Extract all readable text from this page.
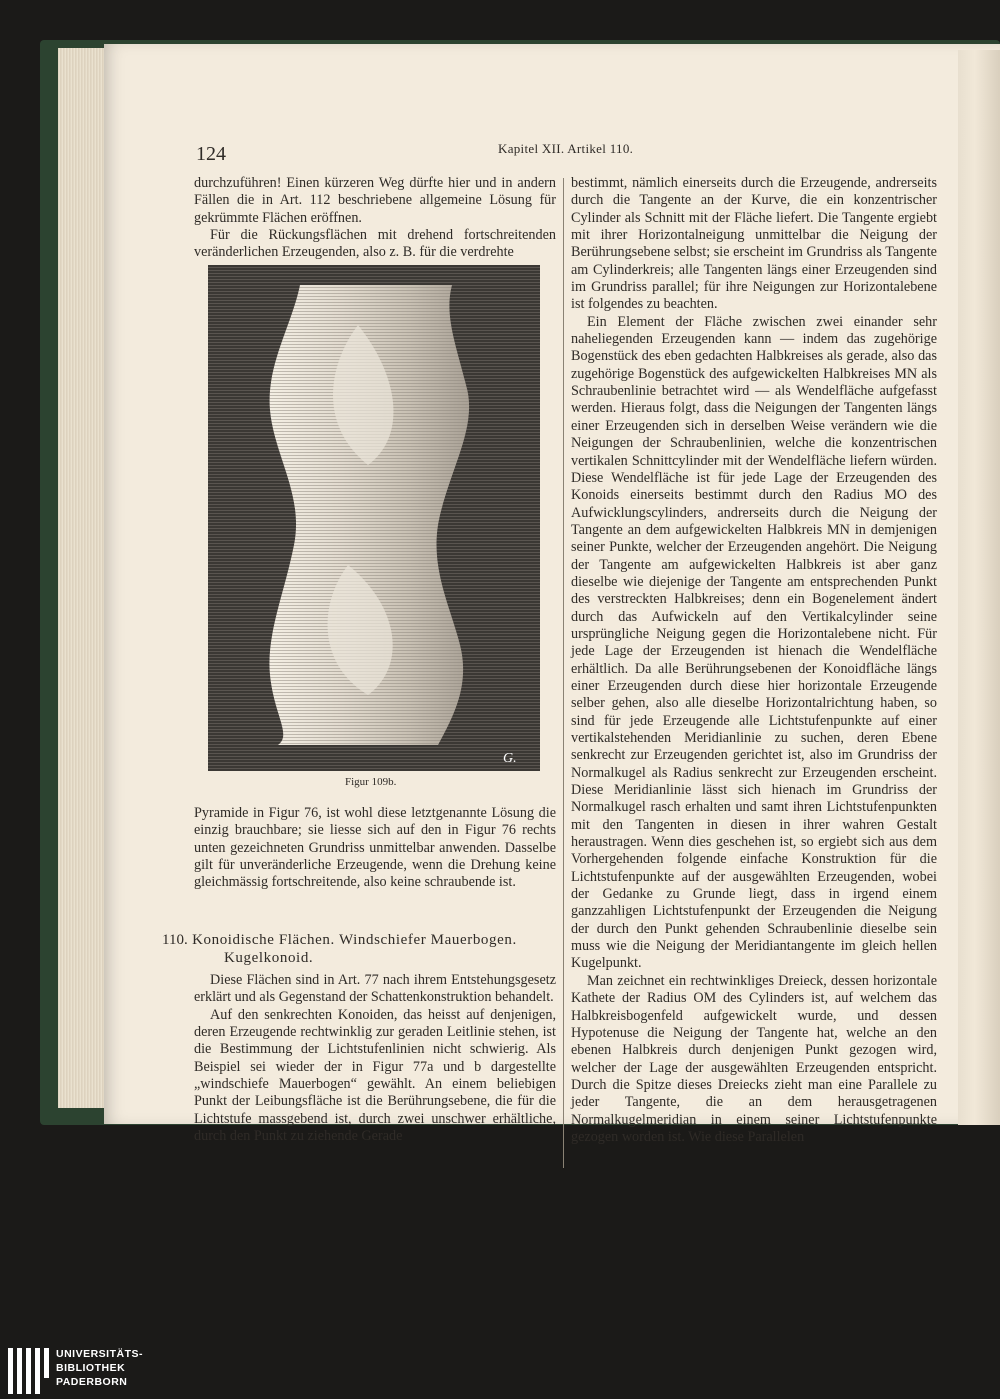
124	Kapitel XII. Artikel 110.

durchzuführen! Einen kürzeren Weg dürfte hier und in andern Fällen die in Art. 112 beschriebene allgemeine Lösung für gekrümmte Flächen eröffnen.

Für die Rückungsflächen mit drehend fortschreitenden veränderlichen Erzeugenden, also z. B. für die verdrehte

G.
Figur 109b.

Pyramide in Figur 76, ist wohl diese letztgenannte Lösung die einzig brauchbare; sie liesse sich auf den in Figur 76 rechts unten gezeichneten Grundriss unmittelbar anwenden. Dasselbe gilt für unveränderliche Erzeugende, wenn die Drehung keine gleichmässig fortschreitende, also keine schraubende ist.

110. Konoidische Flächen. Windschiefer Mauerbogen.
Kugelkonoid.

Diese Flächen sind in Art. 77 nach ihrem Entstehungsgesetz erklärt und als Gegenstand der Schattenkonstruktion behandelt.

Auf den senkrechten Konoiden, das heisst auf denjenigen, deren Erzeugende rechtwinklig zur geraden Leitlinie stehen, ist die Bestimmung der Lichtstufenlinien nicht schwierig. Als Beispiel sei wieder der in Figur 77a und b dargestellte „windschiefe Mauerbogen“ gewählt. An einem beliebigen Punkt der Leibungsfläche ist die Berührungsebene, die für die Lichtstufe massgebend ist, durch zwei unschwer erhältliche, durch den Punkt zu ziehende Gerade

bestimmt, nämlich einerseits durch die Erzeugende, andrerseits durch die Tangente an der Kurve, die ein konzentrischer Cylinder als Schnitt mit der Fläche liefert. Die Tangente ergiebt mit ihrer Horizontalneigung unmittelbar die Neigung der Berührungsebene selbst; sie erscheint im Grundriss als Tangente am Cylinderkreis; alle Tangenten längs einer Erzeugenden sind im Grundriss parallel; für ihre Neigungen zur Horizontalebene ist folgendes zu beachten.

Ein Element der Fläche zwischen zwei einander sehr naheliegenden Erzeugenden kann — indem das zugehörige Bogenstück des eben gedachten Halbkreises als gerade, also das zugehörige Bogenstück des aufgewickelten Halbkreises MN als Schraubenlinie betrachtet wird — als Wendelfläche aufgefasst werden. Hieraus folgt, dass die Neigungen der Tangenten längs einer Erzeugenden sich in derselben Weise verändern wie die Neigungen der Schraubenlinien, welche die konzentrischen vertikalen Schnittcylinder mit der Wendelfläche liefern würden. Diese Wendelfläche ist für jede Lage der Erzeugenden des Konoids einerseits bestimmt durch den Radius MO des Aufwicklungscylinders, andrerseits durch die Neigung der Tangente an dem aufgewickelten Halbkreis MN in demjenigen seiner Punkte, welcher der Erzeugenden angehört. Die Neigung der Tangente am aufgewickelten Halbkreis ist aber ganz dieselbe wie diejenige der Tangente am entsprechenden Punkt des verstreckten Halbkreises; denn ein Bogenelement ändert durch das Aufwickeln auf den Vertikalcylinder seine ursprüngliche Neigung gegen die Horizontalebene nicht. Für jede Lage der Erzeugenden ist hienach die Wendelfläche erhältlich. Da alle Berührungsebenen der Konoidfläche längs einer Erzeugenden durch diese hier horizontale Erzeugende selber gehen, also alle dieselbe Horizontalrichtung haben, so sind für jede Erzeugende alle Lichtstufenpunkte auf einer vertikalstehenden Meridianlinie zu suchen, deren Ebene senkrecht zur Erzeugenden gerichtet ist, also im Grundriss der Normalkugel als Radius senkrecht zur Erzeugenden erscheint. Diese Meridianlinie lässt sich hienach im Grundriss der Normalkugel rasch erhalten und samt ihren Lichtstufenpunkten mit den Tangenten in diesen in ihrer wahren Gestalt heraustragen. Wenn dies geschehen ist, so ergiebt sich aus dem Vorhergehenden folgende einfache Konstruktion für die Lichtstufenpunkte auf der ausgewählten Erzeugenden, wobei der Gedanke zu Grunde liegt, dass in irgend einem ganzzahligen Lichtstufenpunkt der Erzeugenden die Neigung der durch den Punkt gehenden Schraubenlinie dieselbe sein muss wie die Neigung der Meridiantangente im gleich hellen Kugelpunkt.

Man zeichnet ein rechtwinkliges Dreieck, dessen horizontale Kathete der Radius OM des Cylinders ist, auf welchem das Halbkreisbogenfeld aufgewickelt wurde, und dessen Hypotenuse die Neigung der Tangente hat, welche an den ebenen Halbkreis durch denjenigen Punkt gezogen wird, welcher der Lage der ausgewählten Erzeugenden entspricht. Durch die Spitze dieses Dreiecks zieht man eine Parallele zu jeder Tangente, die an dem herausgetragenen Normalkugelmeridian in einem seiner Lichtstufenpunkte gezogen worden ist. Wie diese Parallelen

UNIVERSITÄTS-
BIBLIOTHEK
PADERBORN
